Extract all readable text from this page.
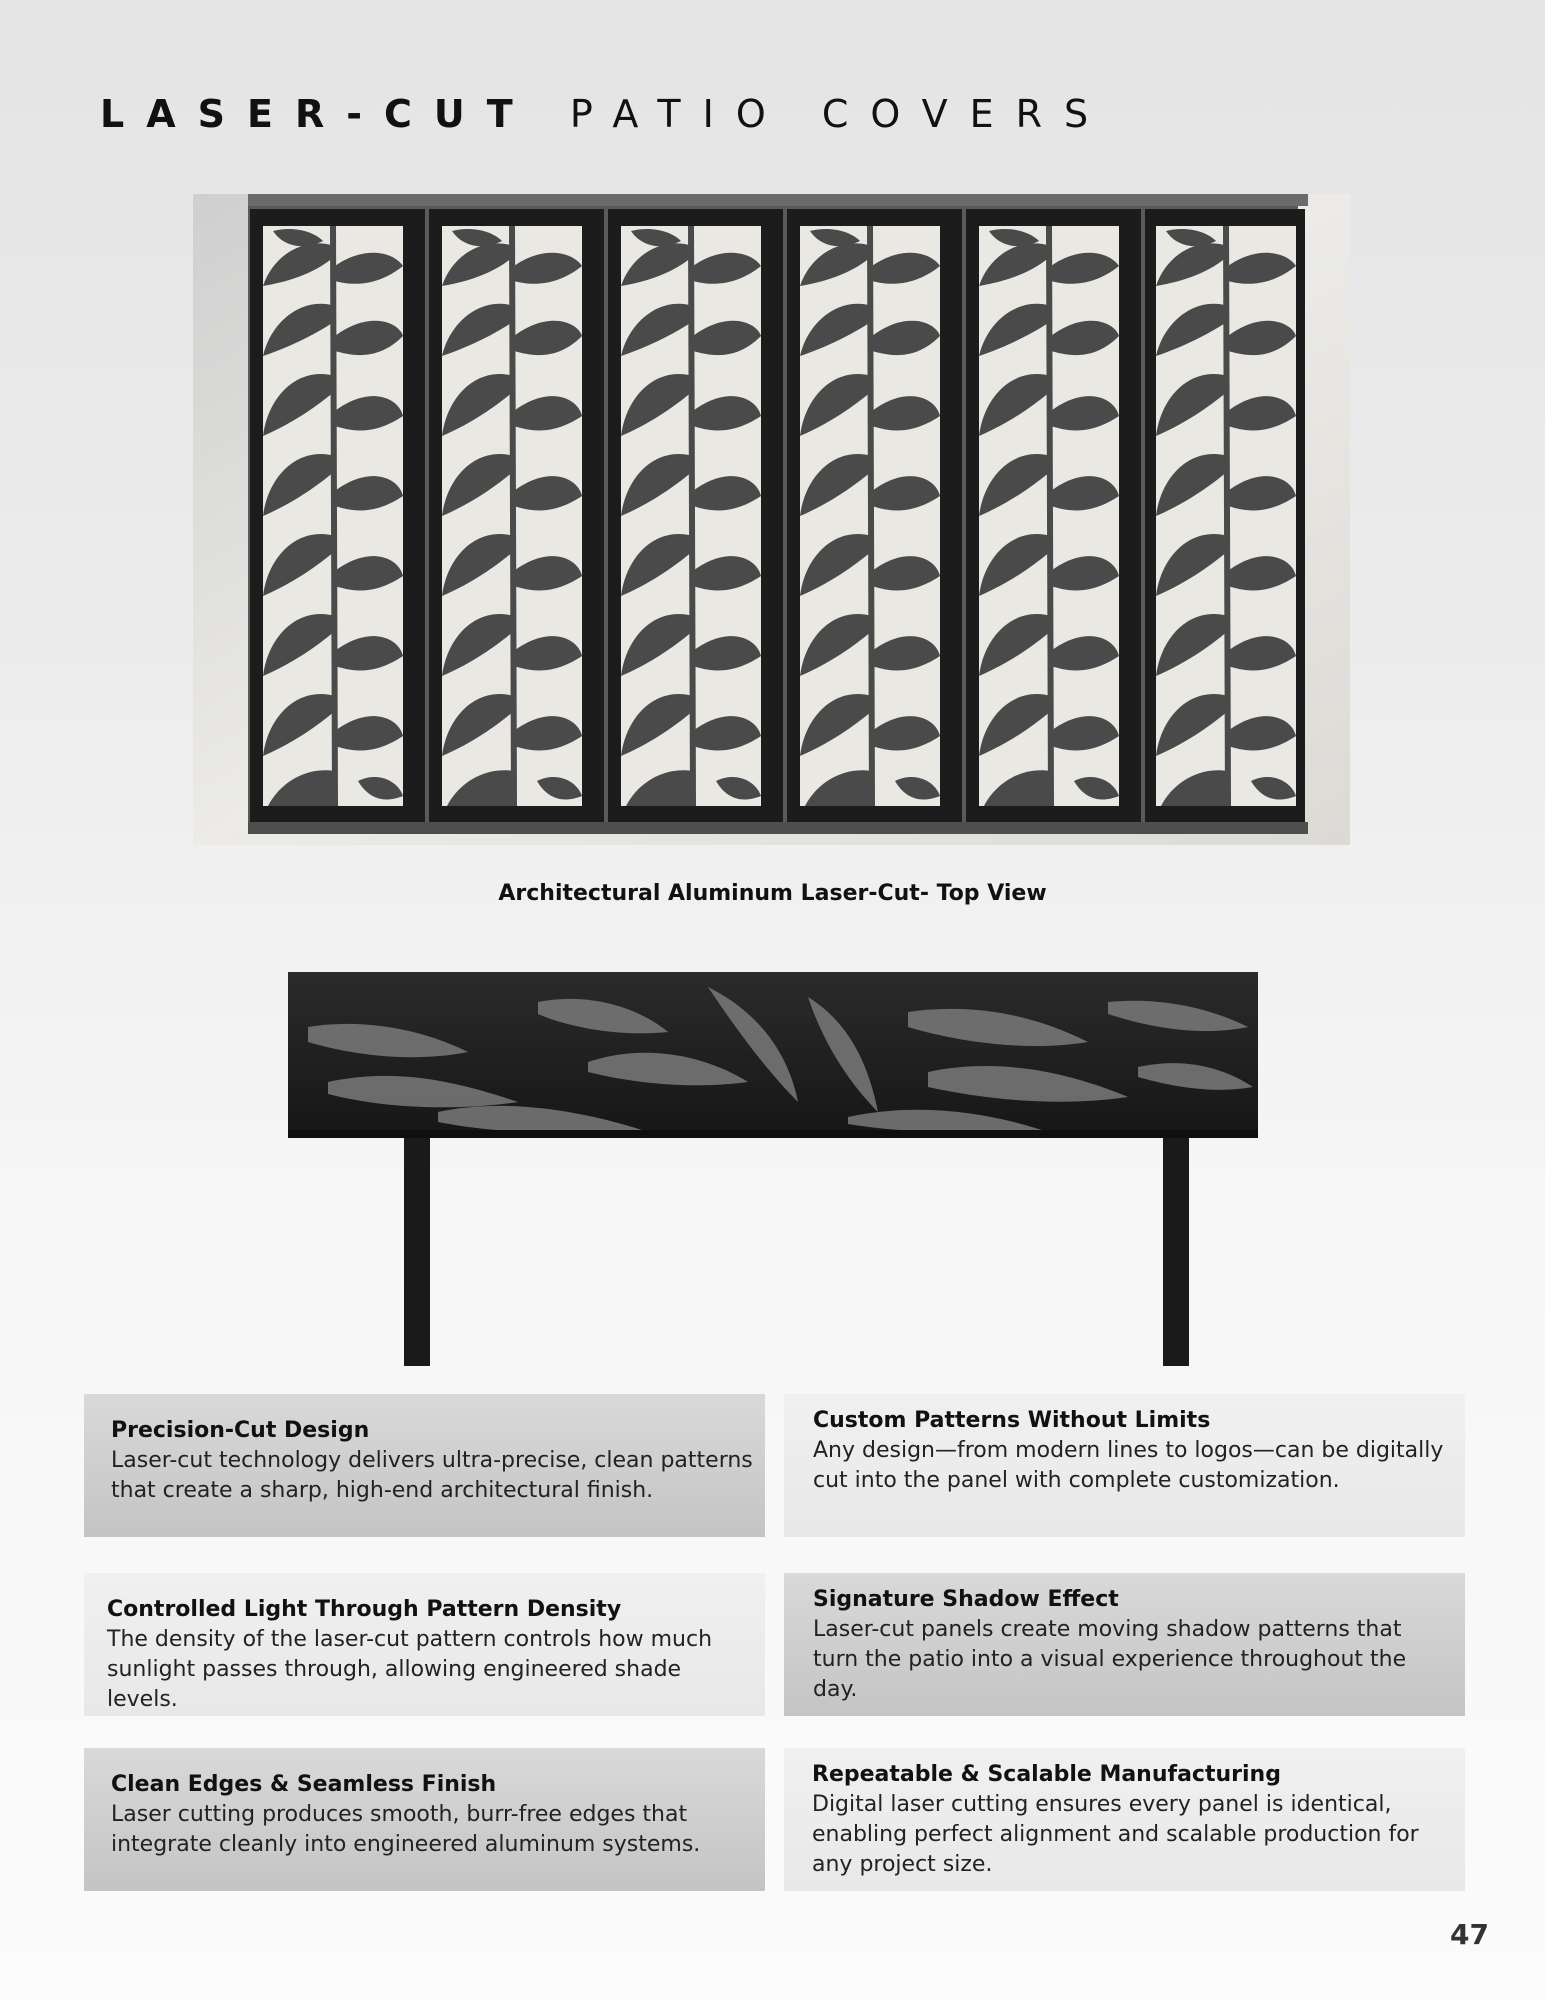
LASER-CUT PATIO COVERS

Architectural Aluminum Laser-Cut- Top View

Precision-Cut Design

Laser-cut technology delivers ultra-precise, clean patterns that create a sharp, high-end architectural finish.

Custom Patterns Without Limits

Any design—from modern lines to logos—can be digitally cut into the panel with complete customization.

Controlled Light Through Pattern Density

The density of the laser-cut pattern controls how much sunlight passes through, allowing engineered shade levels.

Signature Shadow Effect

Laser-cut panels create moving shadow patterns that turn the patio into a visual experience throughout the day.

Clean Edges & Seamless Finish

Laser cutting produces smooth, burr-free edges that integrate cleanly into engineered aluminum systems.

Repeatable & Scalable Manufacturing

Digital laser cutting ensures every panel is identical, enabling perfect alignment and scalable production for any project size.

47
